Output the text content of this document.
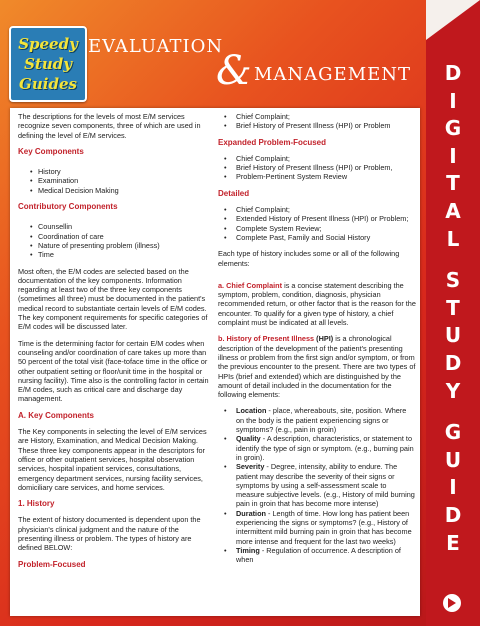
Speedy
Study
Guides
EVALUATION
& MANAGEMENT D
I
G
I
T
A
L
S
T
U
D
Y
G
U
I
D
E

The descriptions for the levels of most E/M services recognize seven components, three of which are used in defining the level of E/M services.

Key Components
• History
• Examination
• Medical Decision Making
Contributory Components
• Counsellin
• Coordination of care
• Nature of presenting problem (illness)
• Time

Most often, the E/M codes are selected based on the documentation of the key components. Information regarding at least two of the three key components (sometimes all three) must be documented in the patient's medical record to substantiate certain levels of E/M codes. The key component requirements for specific categories of E/M codes will be discussed later.

Time is the determining factor for certain E/M codes when counseling and/or coordination of care takes up more than 50 percent of the total visit (face-toface time in the office or other outpatient setting or floor/unit time in the hospital or nursing facility). Time also is the controlling factor in certain E/M codes, such as critical care and discharge day management.

A. Key Components

The Key components in selecting the level of E/M services are History, Examination, and Medical Decision Making. These three key components appear in the descriptors for office or other outpatient services, hospital observation services, hospital inpatient services, consultations, emergency department services, nursing facility services, domiciliary care services, and home services.

1. History

The extent of history documented is dependent upon the physician's clinical judgment and the nature of the presenting illness or problem. The types of history are defined BELOW:

Problem-Focused
• Chief Complaint;
• Brief History of Present Illness (HPI) or Problem
Expanded Problem-Focused
• Chief Complaint;
• Brief History of Present Illness (HPI) or Problem,
• Problem-Pertinent System Review
Detailed
• Chief Complaint;
• Extended History of Present Illness (HPI) or Problem;
• Complete System Review;
• Complete Past, Family and Social History

Each type of history includes some or all of the following elements:

a. Chief Complaint is a concise statement describing the symptom, problem, condition, diagnosis, physician recommended return, or other factor that is the reason for the encounter. To qualify for a given type of history, a chief complaint must be indicated at all levels.

b. History of Present Illness (HPI) is a chronological description of the development of the patient's presenting illness or problem from the first sign and/or symptom, or from the previous encounter to the present. There are two types of HPIs (brief and extended) which are distinguished by the amount of detail included in the documentation for the following elements:

• Location - place, whereabouts, site, position. Where on the body is the patient experiencing signs or symptoms? (e.g., pain in groin)
• Quality - A description, characteristics, or statement to identify the type of sign or symptom. (e.g., burning pain in groin).
• Severity - Degree, intensity, ability to endure. The patient may describe the severity of their signs or symptoms by using a self-assessment scale to measure subjective levels. (e.g., History of mild burning pain in groin that has become more intense)
• Duration - Length of time. How long has patient been experiencing the signs or symptoms? (e.g., History of intermittent mild burning pain in groin that has become more intense and frequent for the last two weeks)
• Timing - Regulation of occurrence. A description of when
